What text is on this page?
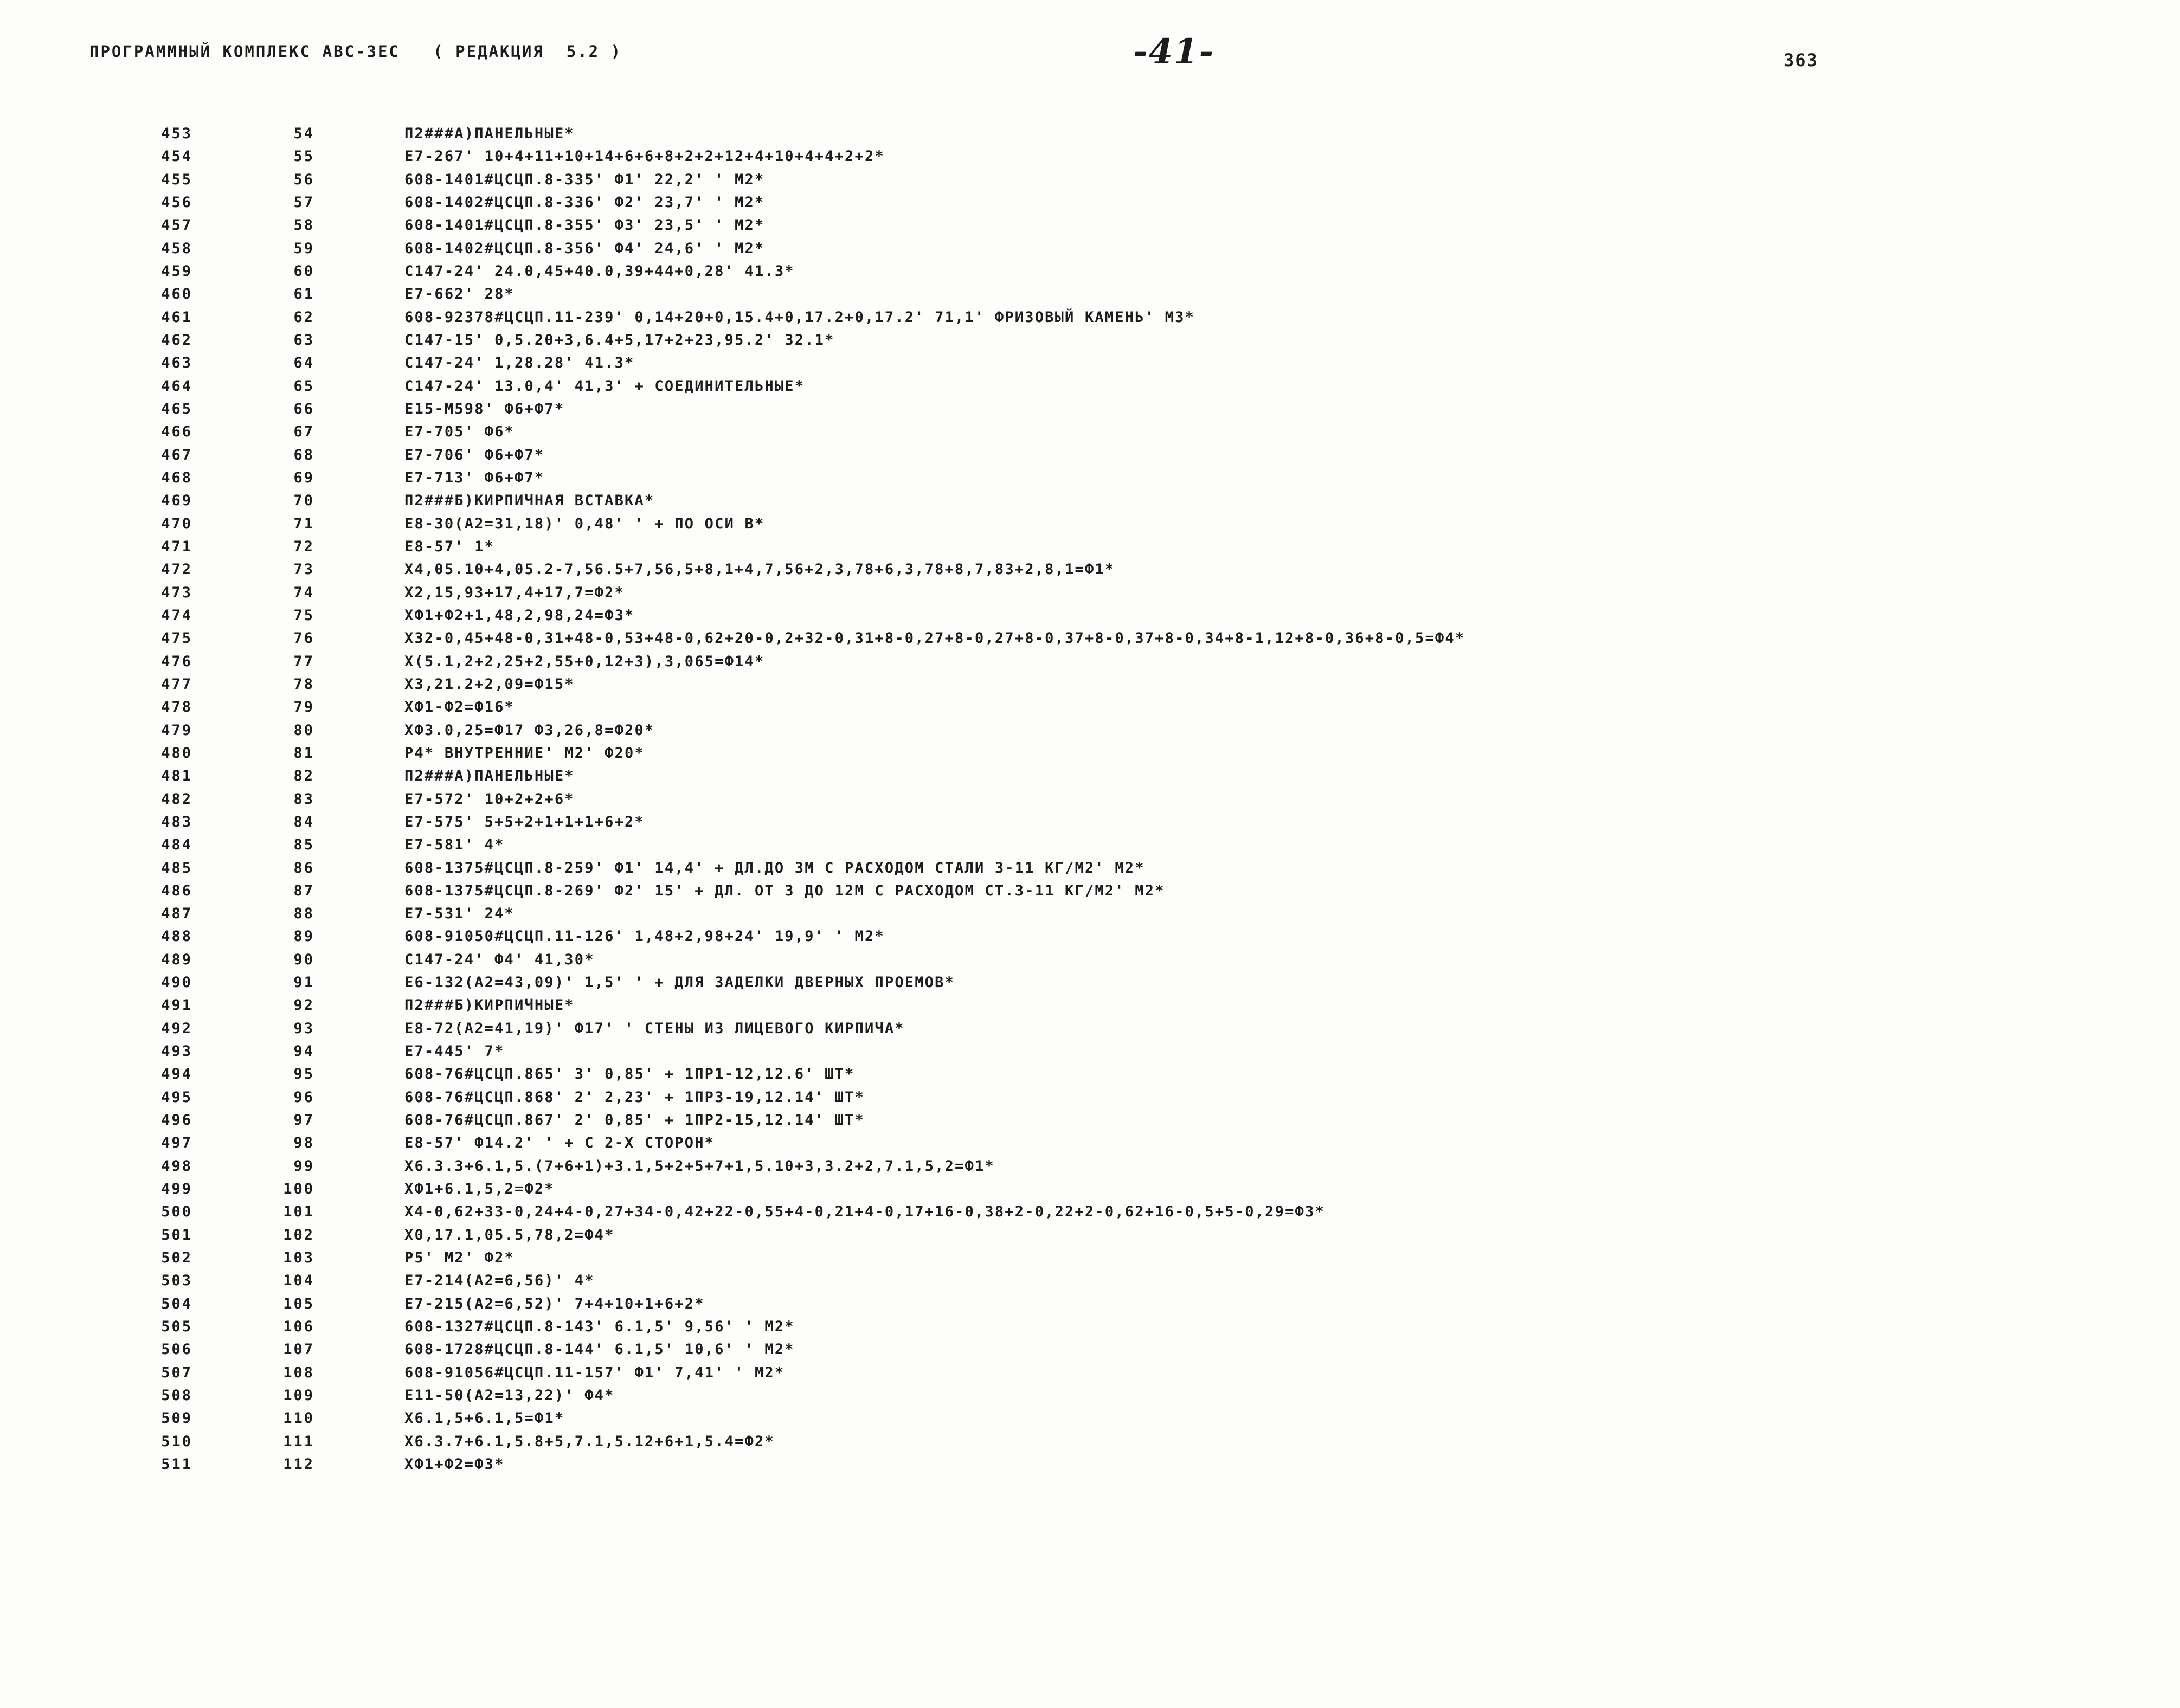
ПРОГРАММНЫЙ КОМПЛЕКС АВС-ЗЕС   ( РЕДАКЦИЯ  5.2 )	-41-	363
453	54	П2###А)ПАНЕЛЬНЫЕ*
454	55	Е7-267' 10+4+11+10+14+6+6+8+2+2+12+4+10+4+4+2+2*
455	56	608-1401#ЦСЦП.8-335' Ф1' 22,2' ' М2*
456	57	608-1402#ЦСЦП.8-336' Ф2' 23,7' ' М2*
457	58	608-1401#ЦСЦП.8-355' Ф3' 23,5' ' М2*
458	59	608-1402#ЦСЦП.8-356' Ф4' 24,6' ' М2*
459	60	С147-24' 24.0,45+40.0,39+44+0,28' 41.3*
460	61	Е7-662' 28*
461	62	608-92378#ЦСЦП.11-239' 0,14+20+0,15.4+0,17.2+0,17.2' 71,1' ФРИЗОВЫЙ КАМЕНЬ' М3*
462	63	С147-15' 0,5.20+3,6.4+5,17+2+23,95.2' 32.1*
463	64	С147-24' 1,28.28' 41.3*
464	65	С147-24' 13.0,4' 41,3' + СОЕДИНИТЕЛЬНЫЕ*
465	66	Е15-М598' Ф6+Ф7*
466	67	Е7-705' Ф6*
467	68	Е7-706' Ф6+Ф7*
468	69	Е7-713' Ф6+Ф7*
469	70	П2###Б)КИРПИЧНАЯ ВСТАВКА*
470	71	Е8-30(А2=31,18)' 0,48' ' + ПО ОСИ В*
471	72	Е8-57' 1*
472	73	Х4,05.10+4,05.2-7,56.5+7,56,5+8,1+4,7,56+2,3,78+6,3,78+8,7,83+2,8,1=Ф1*
473	74	Х2,15,93+17,4+17,7=Ф2*
474	75	ХФ1+Ф2+1,48,2,98,24=Ф3*
475	76	Х32-0,45+48-0,31+48-0,53+48-0,62+20-0,2+32-0,31+8-0,27+8-0,27+8-0,37+8-0,37+8-0,34+8-1,12+8-0,36+8-0,5=Ф4*
476	77	Х(5.1,2+2,25+2,55+0,12+3),3,065=Ф14*
477	78	Х3,21.2+2,09=Ф15*
478	79	ХФ1-Ф2=Ф16*
479	80	ХФ3.0,25=Ф17 Ф3,26,8=Ф20*
480	81	Р4* ВНУТРЕННИЕ' М2' Ф20*
481	82	П2###А)ПАНЕЛЬНЫЕ*
482	83	Е7-572' 10+2+2+6*
483	84	Е7-575' 5+5+2+1+1+1+6+2*
484	85	Е7-581' 4*
485	86	608-1375#ЦСЦП.8-259' Ф1' 14,4' + ДЛ.ДО 3М С РАСХОДОМ СТАЛИ 3-11 КГ/М2' М2*
486	87	608-1375#ЦСЦП.8-269' Ф2' 15' + ДЛ. ОТ 3 ДО 12М С РАСХОДОМ СТ.3-11 КГ/М2' М2*
487	88	Е7-531' 24*
488	89	608-91050#ЦСЦП.11-126' 1,48+2,98+24' 19,9' ' М2*
489	90	С147-24' Ф4' 41,30*
490	91	Е6-132(А2=43,09)' 1,5' ' + ДЛЯ ЗАДЕЛКИ ДВЕРНЫХ ПРОЕМОВ*
491	92	П2###Б)КИРПИЧНЫЕ*
492	93	Е8-72(А2=41,19)' Ф17' ' СТЕНЫ ИЗ ЛИЦЕВОГО КИРПИЧА*
493	94	Е7-445' 7*
494	95	608-76#ЦСЦП.865' 3' 0,85' + 1ПР1-12,12.6' ШТ*
495	96	608-76#ЦСЦП.868' 2' 2,23' + 1ПР3-19,12.14' ШТ*
496	97	608-76#ЦСЦП.867' 2' 0,85' + 1ПР2-15,12.14' ШТ*
497	98	Е8-57' Ф14.2' ' + С 2-Х СТОРОН*
498	99	Х6.3.3+6.1,5.(7+6+1)+3.1,5+2+5+7+1,5.10+3,3.2+2,7.1,5,2=Ф1*
499	100	ХФ1+6.1,5,2=Ф2*
500	101	Х4-0,62+33-0,24+4-0,27+34-0,42+22-0,55+4-0,21+4-0,17+16-0,38+2-0,22+2-0,62+16-0,5+5-0,29=Ф3*
501	102	Х0,17.1,05.5,78,2=Ф4*
502	103	Р5' М2' Ф2*
503	104	Е7-214(А2=6,56)' 4*
504	105	Е7-215(А2=6,52)' 7+4+10+1+6+2*
505	106	608-1327#ЦСЦП.8-143' 6.1,5' 9,56' ' М2*
506	107	608-1728#ЦСЦП.8-144' 6.1,5' 10,6' ' М2*
507	108	608-91056#ЦСЦП.11-157' Ф1' 7,41' ' М2*
508	109	Е11-50(А2=13,22)' Ф4*
509	110	Х6.1,5+6.1,5=Ф1*
510	111	Х6.3.7+6.1,5.8+5,7.1,5.12+6+1,5.4=Ф2*
511	112	ХФ1+Ф2=Ф3*
